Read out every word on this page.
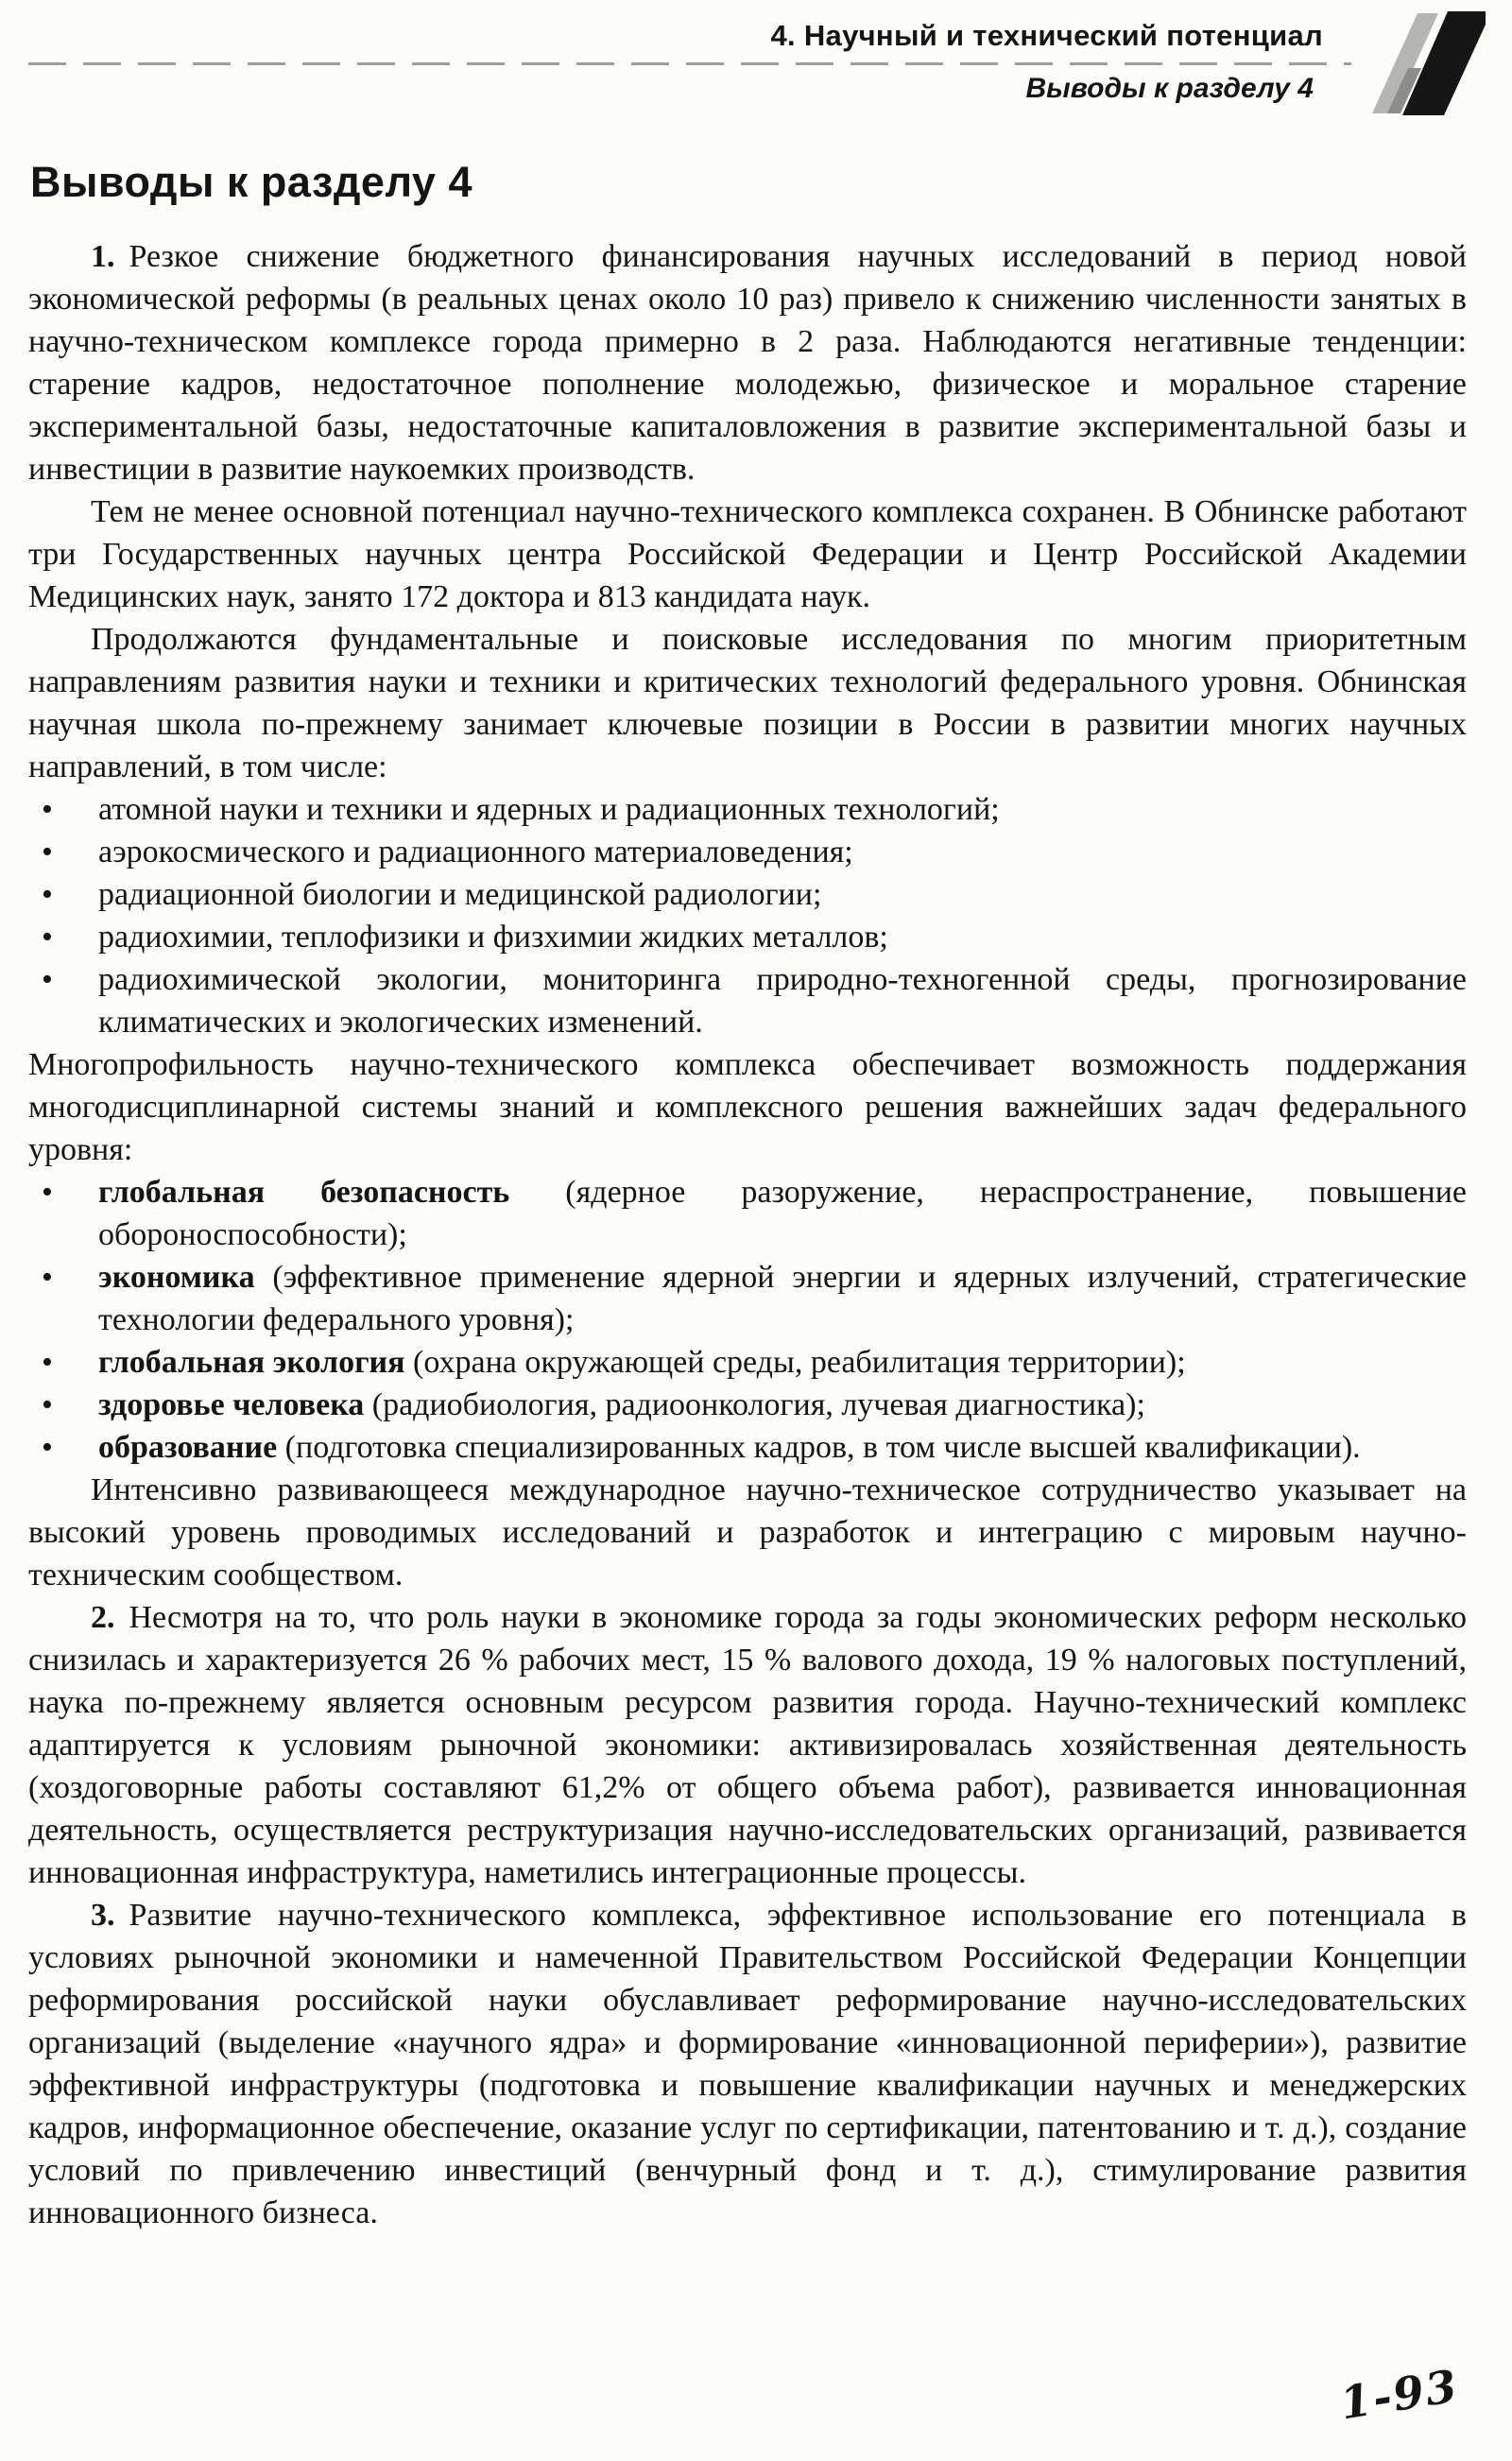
4. Научный и технический потенциал
Выводы к разделу 4
Выводы к разделу 4

1. Резкое снижение бюджетного финансирования научных исследований в период новой экономической реформы (в реальных ценах около 10 раз) привело к снижению численности занятых в научно-техническом комплексе города примерно в 2 раза. Наблюдаются негативные тенденции: старение кадров, недостаточное пополнение молодежью, физическое и моральное старение экспериментальной базы, недостаточные капиталовложения в развитие экспериментальной базы и инвестиции в развитие наукоемких производств.

Тем не менее основной потенциал научно-технического комплекса сохранен. В Обнинске работают три Государственных научных центра Российской Федерации и Центр Российской Академии Медицинских наук, занято 172 доктора и 813 кандидата наук.

Продолжаются фундаментальные и поисковые исследования по многим приоритетным направлениям развития науки и техники и критических технологий федерального уровня. Обнинская научная школа по-прежнему занимает ключевые позиции в России в развитии многих научных направлений, в том числе:

• атомной науки и техники и ядерных и радиационных технологий;
• аэрокосмического и радиационного материаловедения;
• радиационной биологии и медицинской радиологии;
• радиохимии, теплофизики и физхимии жидких металлов;
• радиохимической экологии, мониторинга природно-техногенной среды, прогнозирование климатических и экологических изменений.

Многопрофильность научно-технического комплекса обеспечивает возможность поддержания многодисциплинарной системы знаний и комплексного решения важнейших задач федерального уровня:

• глобальная безопасность (ядерное разоружение, нераспространение, повышение обороноспособности);
• экономика (эффективное применение ядерной энергии и ядерных излучений, стратегические технологии федерального уровня);
• глобальная экология (охрана окружающей среды, реабилитация территории);
• здоровье человека (радиобиология, радиоонкология, лучевая диагностика);
• образование (подготовка специализированных кадров, в том числе высшей квалификации).

Интенсивно развивающееся международное научно-техническое сотрудничество указывает на высокий уровень проводимых исследований и разработок и интеграцию с мировым научно-техническим сообществом.

2. Несмотря на то, что роль науки в экономике города за годы экономических реформ несколько снизилась и характеризуется 26 % рабочих мест, 15 % валового дохода, 19 % налоговых поступлений, наука по-прежнему является основным ресурсом развития города. Научно-технический комплекс адаптируется к условиям рыночной экономики: активизировалась хозяйственная деятельность (хоздоговорные работы составляют 61,2% от общего объема работ), развивается инновационная деятельность, осуществляется реструктуризация научно-исследовательских организаций, развивается инновационная инфраструктура, наметились интеграционные процессы.

3. Развитие научно-технического комплекса, эффективное использование его потенциала в условиях рыночной экономики и намеченной Правительством Российской Федерации Концепции реформирования российской науки обуславливает реформирование научно-исследовательских организаций (выделение «научного ядра» и формирование «инновационной периферии»), развитие эффективной инфраструктуры (подготовка и повышение квалификации научных и менеджерских кадров, информационное обеспечение, оказание услуг по сертификации, патентованию и т. д.), создание условий по привлечению инвестиций (венчурный фонд и т. д.), стимулирование развития инновационного бизнеса.

1-93
